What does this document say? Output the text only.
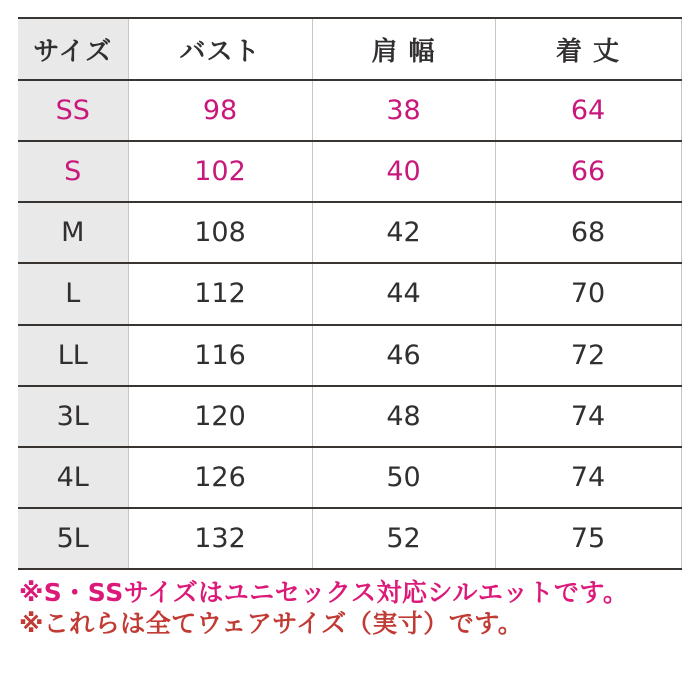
サイズ	バスト	肩 幅	着 丈
SS	98	38	64
S	102	40	66
M	108	42	68
L	112	44	70
LL	116	46	72
3L	120	48	74
4L	126	50	74
5L	132	52	75

※S・SSサイズはユニセックス対応シルエットです。

※これらは全てウェアサイズ（実寸）です。
